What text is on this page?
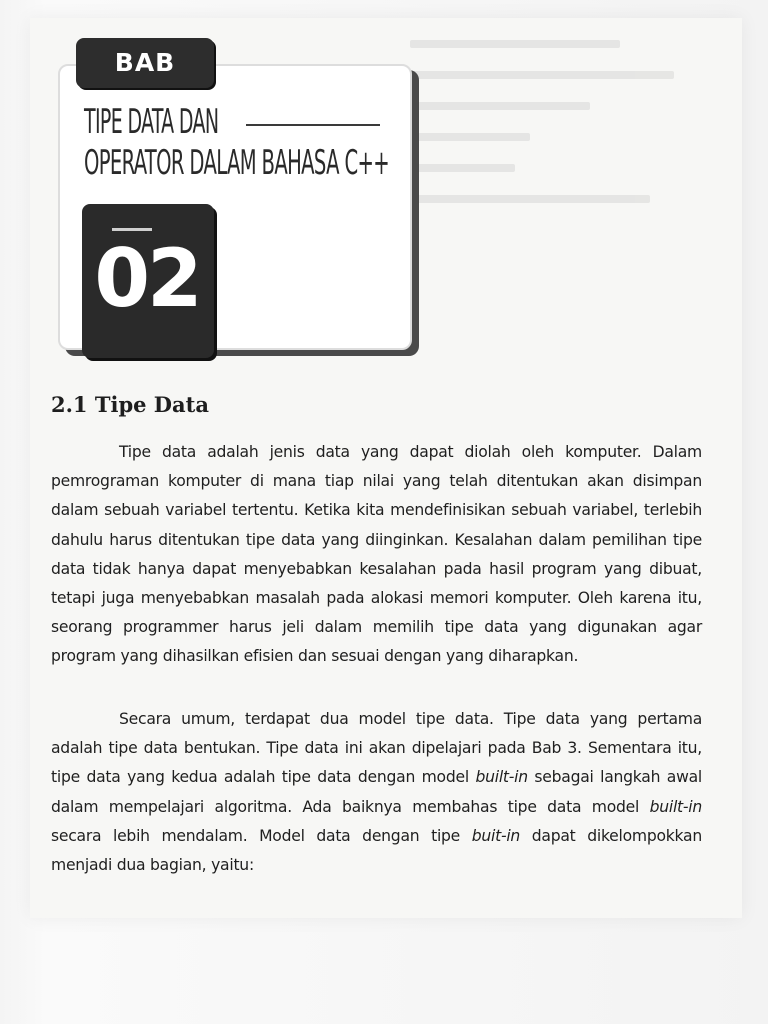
BAB
TIPE DATA DAN
OPERATOR DALAM BAHASA C++
02
2.1 Tipe Data

Tipe data adalah jenis data yang dapat diolah oleh komputer. Dalam pemrograman komputer di mana tiap nilai yang telah ditentukan akan disimpan dalam sebuah variabel tertentu. Ketika kita mendefinisikan sebuah variabel, terlebih dahulu harus ditentukan tipe data yang diinginkan. Kesalahan dalam pemilihan tipe data tidak hanya dapat menyebabkan kesalahan pada hasil program yang dibuat, tetapi juga menyebabkan masalah pada alokasi memori komputer. Oleh karena itu, seorang programmer harus jeli dalam memilih tipe data yang digunakan agar program yang dihasilkan efisien dan sesuai dengan yang diharapkan.

Secara umum, terdapat dua model tipe data. Tipe data yang pertama adalah tipe data bentukan. Tipe data ini akan dipelajari pada Bab 3. Sementara itu, tipe data yang kedua adalah tipe data dengan model built-in sebagai langkah awal dalam mempelajari algoritma. Ada baiknya membahas tipe data model built-in secara lebih mendalam. Model data dengan tipe buit-in dapat dikelompokkan menjadi dua bagian, yaitu:
